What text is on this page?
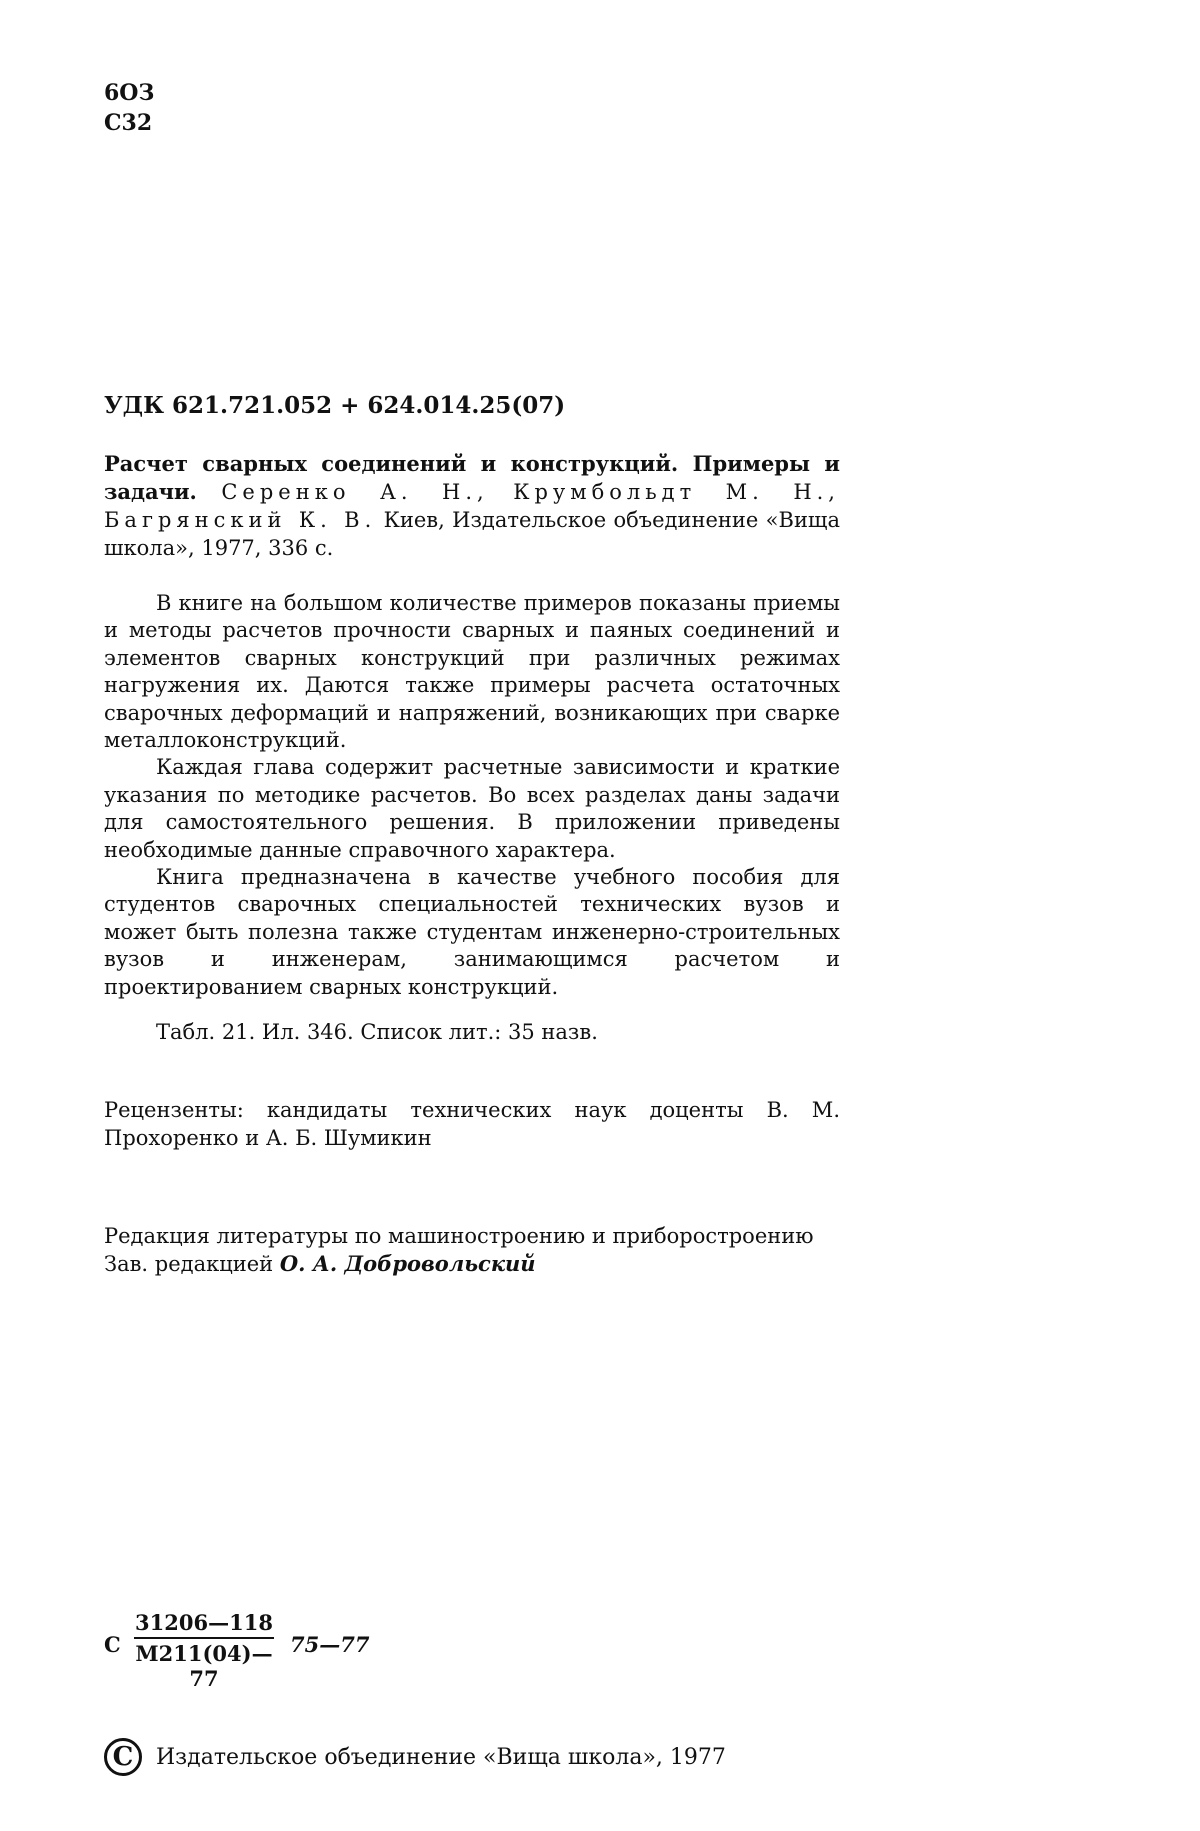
6ОЗ
С32
УДК 621.721.052 + 624.014.25(07)
Расчет сварных соединений и конструкций. Примеры и задачи. Серенко А. Н., Крумбольдт М. Н., Багрянский К. В. Киев, Издательское объединение «Вища школа», 1977, 336 с.

В книге на большом количестве примеров показаны приемы и методы расчетов прочности сварных и паяных соединений и элементов сварных конструкций при различных режимах нагружения их. Даются также примеры расчета остаточных сварочных деформаций и напряжений, возникающих при сварке металлоконструкций.

Каждая глава содержит расчетные зависимости и краткие указания по методике расчетов. Во всех разделах даны задачи для самостоятельного решения. В приложении приведены необходимые данные справочного характера.

Книга предназначена в качестве учебного пособия для студентов сварочных специальностей технических вузов и может быть полезна также студентам инженерно-строительных вузов и инженерам, занимающимся расчетом и проектированием сварных конструкций.

Табл. 21. Ил. 346. Список лит.: 35 назв.
Рецензенты: кандидаты технических наук доценты В. М. Прохоренко и А. Б. Шумикин
Редакция литературы по машиностроению и приборостроению
Зав. редакцией О. А. Добровольский
С
31206—118
М211(04)—77
75—77
С	Издательское объединение «Вища школа», 1977
